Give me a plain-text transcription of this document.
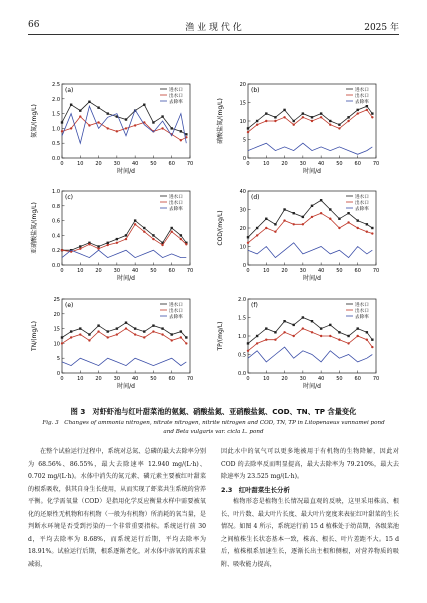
66	渔 业 现 代 化	2025 年
(a)
0.0
0.5
1.0
1.5
2.0
2.5
0	10 20 30 40 50 60 70
时间/d
氨氮/(mg/L)
进水口
出水口
去除率
(b)
0
5
10
15
20
0	10 20 30 40 50 60 70
时间/d
硝酸盐氮/(mg/L)
进水口
出水口
去除率
(c)
0.0
0.2
0.4
0.6
0.8
1.0
0	10 20 30 40 50 60 70
时间/d
亚硝酸盐氮/(mg/L)
进水口
出水口
去除率
(d)
0
10
20
30
40
0	10 20 30 40 50 60 70
时间/d
COD/(mg/L)
进水口
出水口
去除率
(e)
0
5
10
15
20
25
0	10 20 30 40 50 60 70
时间/d
TN/(mg/L)
进水口
出水口
去除率
(f)
0.0
0.5
1.0
1.5
2.0
0	10 20 30 40 50 60 70
时间/d
TP/(mg/L)
进水口
出水口
去除率
图 3　对虾虾池与红叶甜菜池的氨氮、硝酸盐氮、亚硝酸盐氮、COD、TN、TP 含量变化
Fig. 3　Changes of ammonia nitrogen, nitrate nitrogen, nitrite nitrogen and COD, TN, TP in Litopenaeus vannamei pond and Beta vulgaris var. cicla L. pond

在整个试验运行过程中，系统对总氮、总磷的最大去除率分别为 68.56%、86.55%，最大去除速率 12.940 mg/(L·h)、0.702 mg/(L·h)。水体中消失的氮元素、磷元素主要被红叶甜菜的根系吸收，供其自身生长使用，从而实现了虾菜共生系统的营养平衡。化学需氧量（COD）是指用化学反应衡量水样中需要被氧化的还原性无机物和有机物（一般为有机物）所消耗的氧当量，是判断水环境是否受到污染的一个非常重要指标。系统运行前 30 d，平均去除率为 8.68%，而系统运行后期，平均去除率为 18.91%。试验运行后期，根系逐渐老化，对水体中溶氧的需求量减弱，

因此水中的氧气可以更多地被用于有机物的生物降解，因此对 COD 的去除率反而明显提高，最大去除率为 79.210%，最大去除速率为 23.525 mg/(L·h)。

2.3　红叶甜菜生长分析

植物形态是植物生长情况最直观的反映，这里采用株高、根长、叶片数、最大叶片长度、最大叶片宽度来表征红叶甜菜的生长情况。如图 4 所示，系统运行前 15 d 植株处于幼苗期，各级菜池之间植株生长状态基本一致，株高、根长、叶片差距不大。15 d 后，植株根系加速生长，逐渐长出主根和侧根，对营养物质的吸附、吸收能力提高，
